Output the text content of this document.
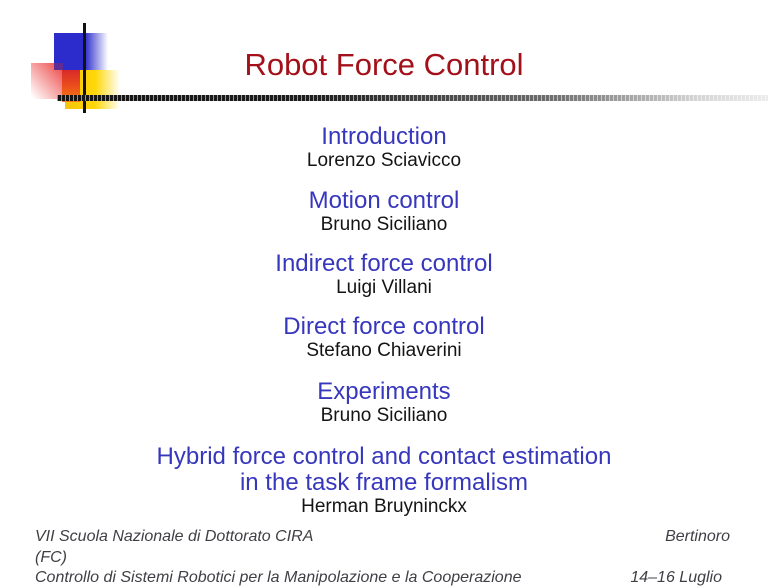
Robot Force Control
Introduction
Lorenzo Sciavicco
Motion control
Bruno Siciliano
Indirect force control
Luigi Villani
Direct force control
Stefano Chiaverini
Experiments
Bruno Siciliano
Hybrid force control and contact estimation
in the task frame formalism
Herman Bruyninckx
VII Scuola Nazionale di Dottorato CIRA
(FC)
Controllo di Sistemi Robotici per la Manipolazione e la Cooperazione
Bertinoro
14–16 Luglio
